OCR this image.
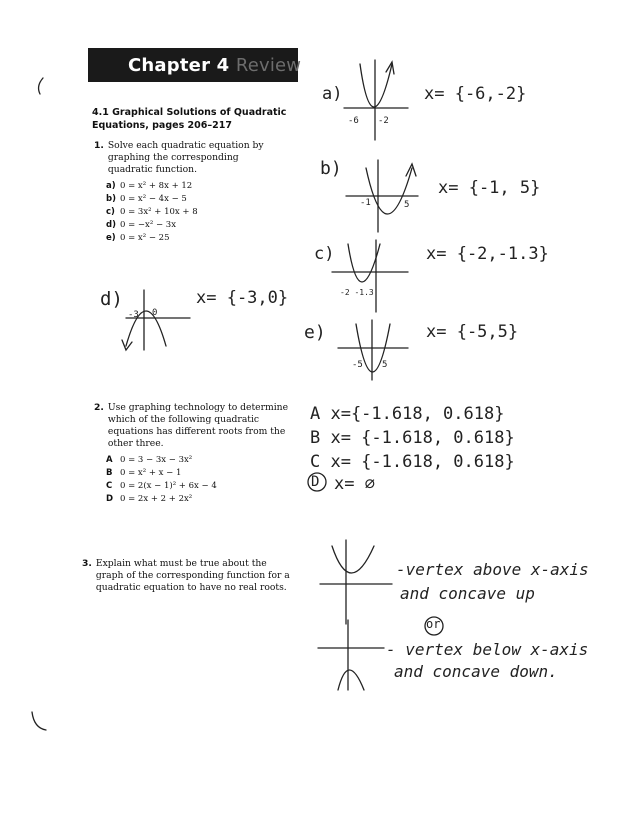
Chapter 4 Review
4.1 Graphical Solutions of Quadratic Equations, pages 206–217
1. Solve each quadratic equation by graphing the corresponding quadratic function.
a) 0 = x² + 8x + 12
b) 0 = x² − 4x − 5
c) 0 = 3x² + 10x + 8
d) 0 = −x² − 3x
e) 0 = x² − 25
2. Use graphing technology to determine which of the following quadratic equations has different roots from the other three.
A 0 = 3 − 3x − 3x²
B 0 = x² + x − 1
C 0 = 2(x − 1)² + 6x − 4
D 0 = 2x + 2 + 2x²
3. Explain what must be true about the graph of the corresponding function for a quadratic equation to have no real roots.
a)	x= {-6,-2}
-6 -2
b)
x= {-1, 5}
-1	5
c)	x= {-2,-1.3}
-2 -1.3
d)	x= {-3,0}
-3 0
e)	x= {-5,5}
-5 5
A x={-1.618, 0.618}
B x= {-1.618, 0.618}
C x= {-1.618, 0.618}
D x= ∅
-vertex above x-axis
and concave up
or
- vertex below x-axis
and concave down.
